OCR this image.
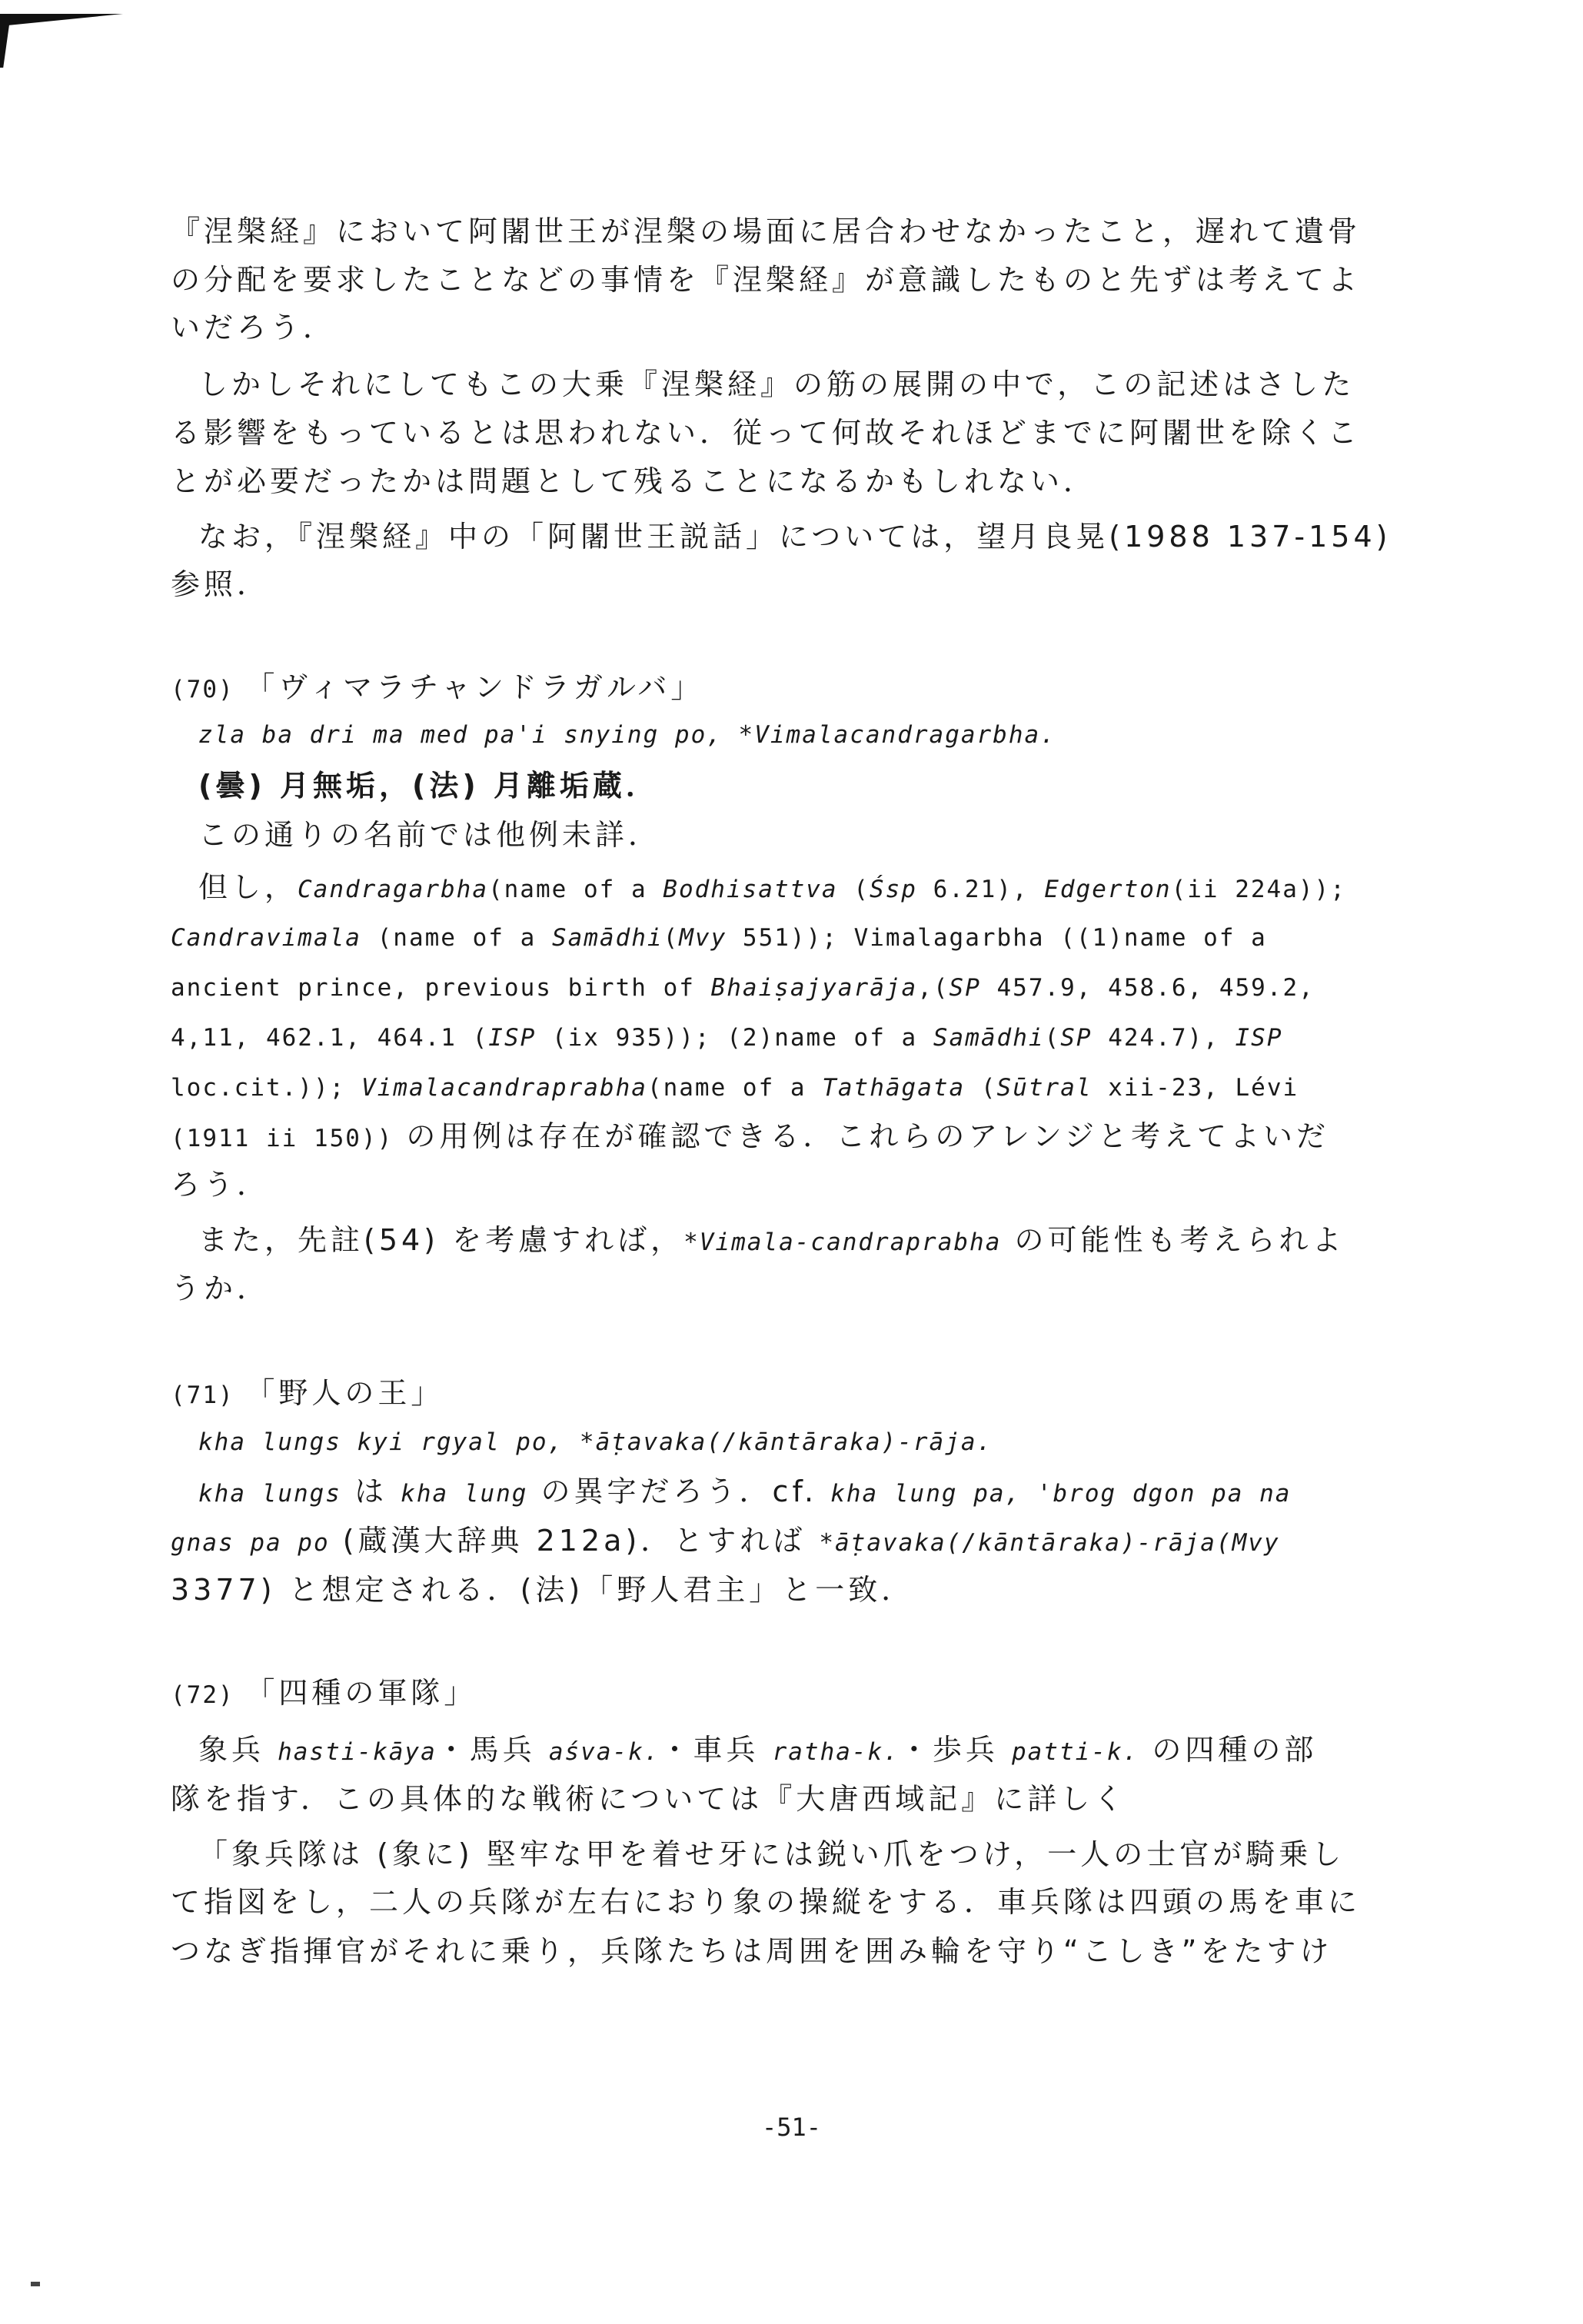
『涅槃経』において阿闍世王が涅槃の場面に居合わせなかったこと，遅れて遺骨
の分配を要求したことなどの事情を『涅槃経』が意識したものと先ずは考えてよ
いだろう．
しかしそれにしてもこの大乗『涅槃経』の筋の展開の中で，この記述はさした
る影響をもっているとは思われない．従って何故それほどまでに阿闍世を除くこ
とが必要だったかは問題として残ることになるかもしれない．
なお，『涅槃経』中の「阿闍世王説話」については，望月良晃(1988 137-154)
参照．
(70) 「ヴィマラチャンドラガルバ」
zla ba dri ma med pa'i snying po, *Vimalacandragarbha.
(曇) 月無垢，(法) 月離垢蔵．
この通りの名前では他例未詳．
但し，Candragarbha(name of a Bodhisattva (Śsp 6.21), Edgerton(ii 224a));
Candravimala (name of a Samādhi(Mvy 551)); Vimalagarbha ((1)name of a
ancient prince, previous birth of Bhaiṣajyarāja,(SP 457.9, 458.6, 459.2,
4,11, 462.1, 464.1 (ISP (ix 935)); (2)name of a Samādhi(SP 424.7), ISP
loc.cit.)); Vimalacandraprabha(name of a Tathāgata (Sūtral xii-23, Lévi
(1911 ii 150)) の用例は存在が確認できる．これらのアレンジと考えてよいだ
ろう．
また，先註(54) を考慮すれば，*Vimala-candraprabha の可能性も考えられよ
うか．
(71) 「野人の王」
kha lungs kyi rgyal po, *āṭavaka(/kāntāraka)-rāja.
kha lungs は kha lung の異字だろう．cf. kha lung pa, 'brog dgon pa na
gnas pa po (蔵漢大辞典 212a)．とすれば *āṭavaka(/kāntāraka)-rāja(Mvy
3377) と想定される．(法)「野人君主」と一致．
(72) 「四種の軍隊」
象兵 hasti-kāya・馬兵 aśva-k.・車兵 ratha-k.・歩兵 patti-k. の四種の部
隊を指す．この具体的な戦術については『大唐西域記』に詳しく
「象兵隊は (象に) 堅牢な甲を着せ牙には鋭い爪をつけ，一人の士官が騎乗し
て指図をし，二人の兵隊が左右におり象の操縦をする．車兵隊は四頭の馬を車に
つなぎ指揮官がそれに乗り，兵隊たちは周囲を囲み輪を守り“こしき”をたすけ
-51-
